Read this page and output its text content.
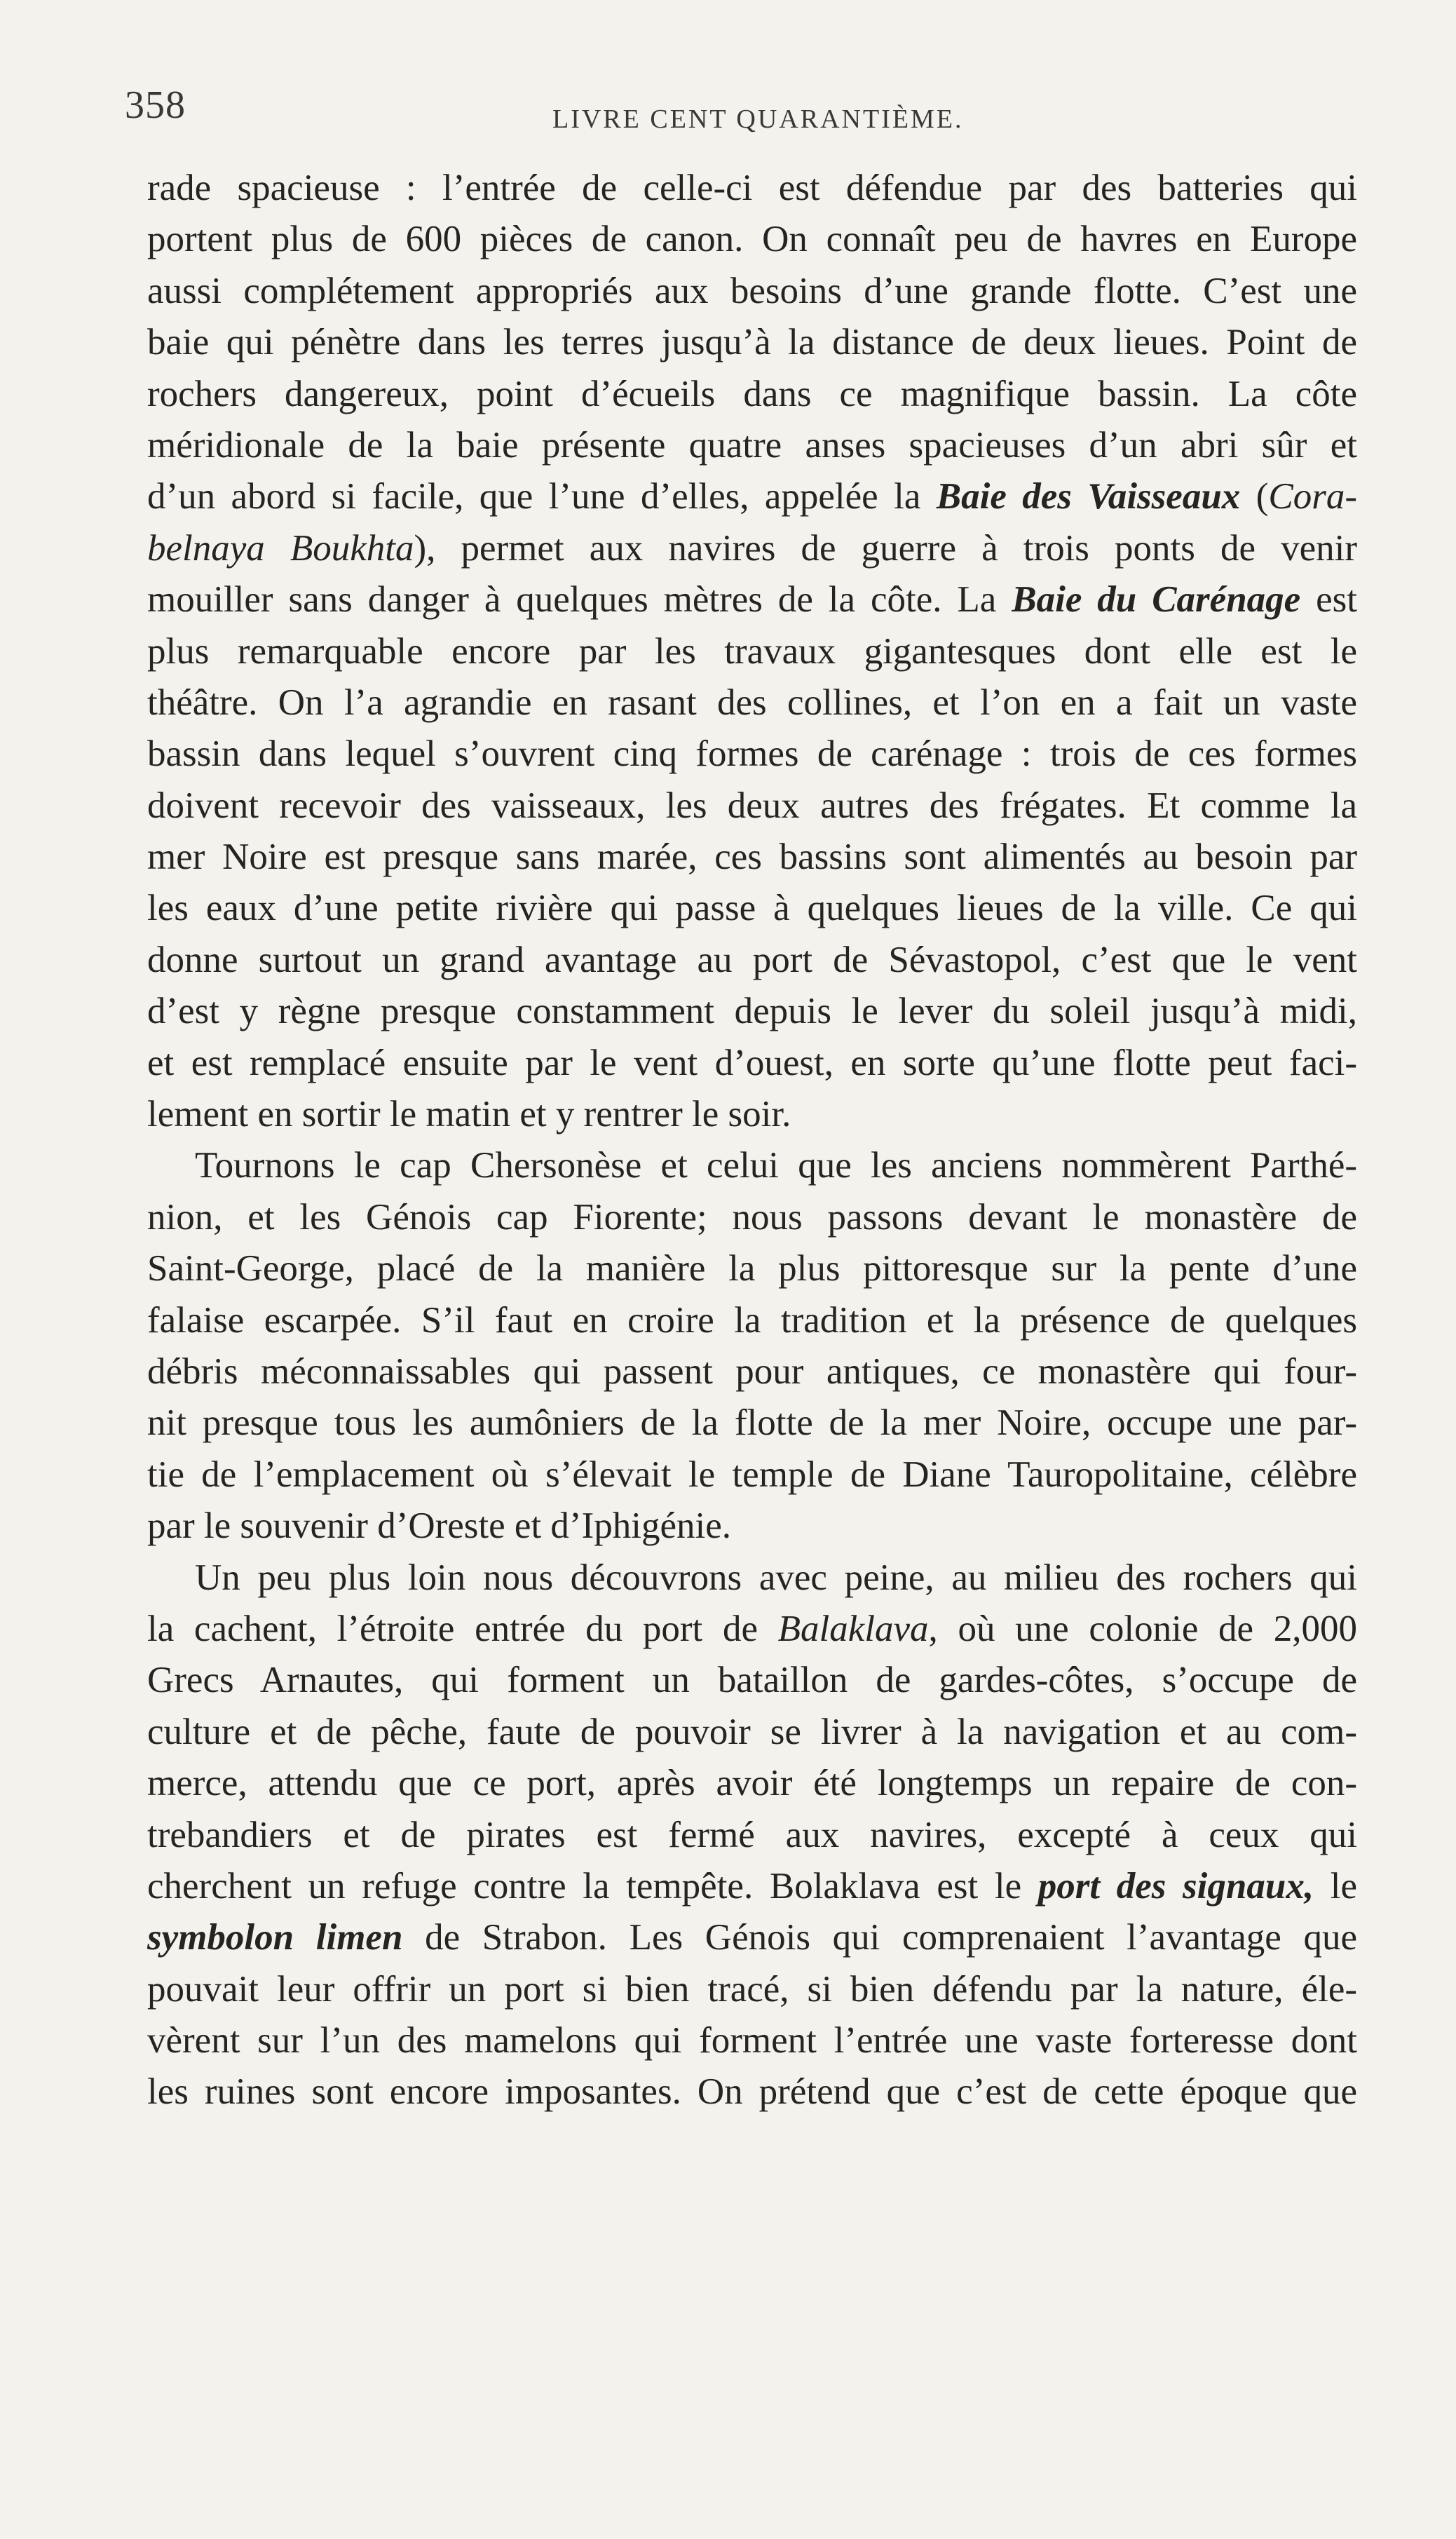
358	LIVRE CENT QUARANTIÈME.
rade spacieuse : l’entrée de celle-ci est défendue par des batteries qui
portent plus de 600 pièces de canon. On connaît peu de havres en Europe
aussi complétement appropriés aux besoins d’une grande flotte. C’est une
baie qui pénètre dans les terres jusqu’à la distance de deux lieues. Point de
rochers dangereux, point d’écueils dans ce magnifique bassin. La côte
méridionale de la baie présente quatre anses spacieuses d’un abri sûr et
d’un abord si facile, que l’une d’elles, appelée la Baie des Vaisseaux (Cora-
belnaya Boukhta), permet aux navires de guerre à trois ponts de venir
mouiller sans danger à quelques mètres de la côte. La Baie du Carénage est
plus remarquable encore par les travaux gigantesques dont elle est le
théâtre. On l’a agrandie en rasant des collines, et l’on en a fait un vaste
bassin dans lequel s’ouvrent cinq formes de carénage : trois de ces formes
doivent recevoir des vaisseaux, les deux autres des frégates. Et comme la
mer Noire est presque sans marée, ces bassins sont alimentés au besoin par
les eaux d’une petite rivière qui passe à quelques lieues de la ville. Ce qui
donne surtout un grand avantage au port de Sévastopol, c’est que le vent
d’est y règne presque constamment depuis le lever du soleil jusqu’à midi,
et est remplacé ensuite par le vent d’ouest, en sorte qu’une flotte peut faci-
lement en sortir le matin et y rentrer le soir.
Tournons le cap Chersonèse et celui que les anciens nommèrent Parthé-
nion, et les Génois cap Fiorente; nous passons devant le monastère de
Saint-George, placé de la manière la plus pittoresque sur la pente d’une
falaise escarpée. S’il faut en croire la tradition et la présence de quelques
débris méconnaissables qui passent pour antiques, ce monastère qui four-
nit presque tous les aumôniers de la flotte de la mer Noire, occupe une par-
tie de l’emplacement où s’élevait le temple de Diane Tauropolitaine, célèbre
par le souvenir d’Oreste et d’Iphigénie.
Un peu plus loin nous découvrons avec peine, au milieu des rochers qui
la cachent, l’étroite entrée du port de Balaklava, où une colonie de 2,000
Grecs Arnautes, qui forment un bataillon de gardes-côtes, s’occupe de
culture et de pêche, faute de pouvoir se livrer à la navigation et au com-
merce, attendu que ce port, après avoir été longtemps un repaire de con-
trebandiers et de pirates est fermé aux navires, excepté à ceux qui
cherchent un refuge contre la tempête. Bolaklava est le port des signaux, le
symbolon limen de Strabon. Les Génois qui comprenaient l’avantage que
pouvait leur offrir un port si bien tracé, si bien défendu par la nature, éle-
vèrent sur l’un des mamelons qui forment l’entrée une vaste forteresse dont
les ruines sont encore imposantes. On prétend que c’est de cette époque que
